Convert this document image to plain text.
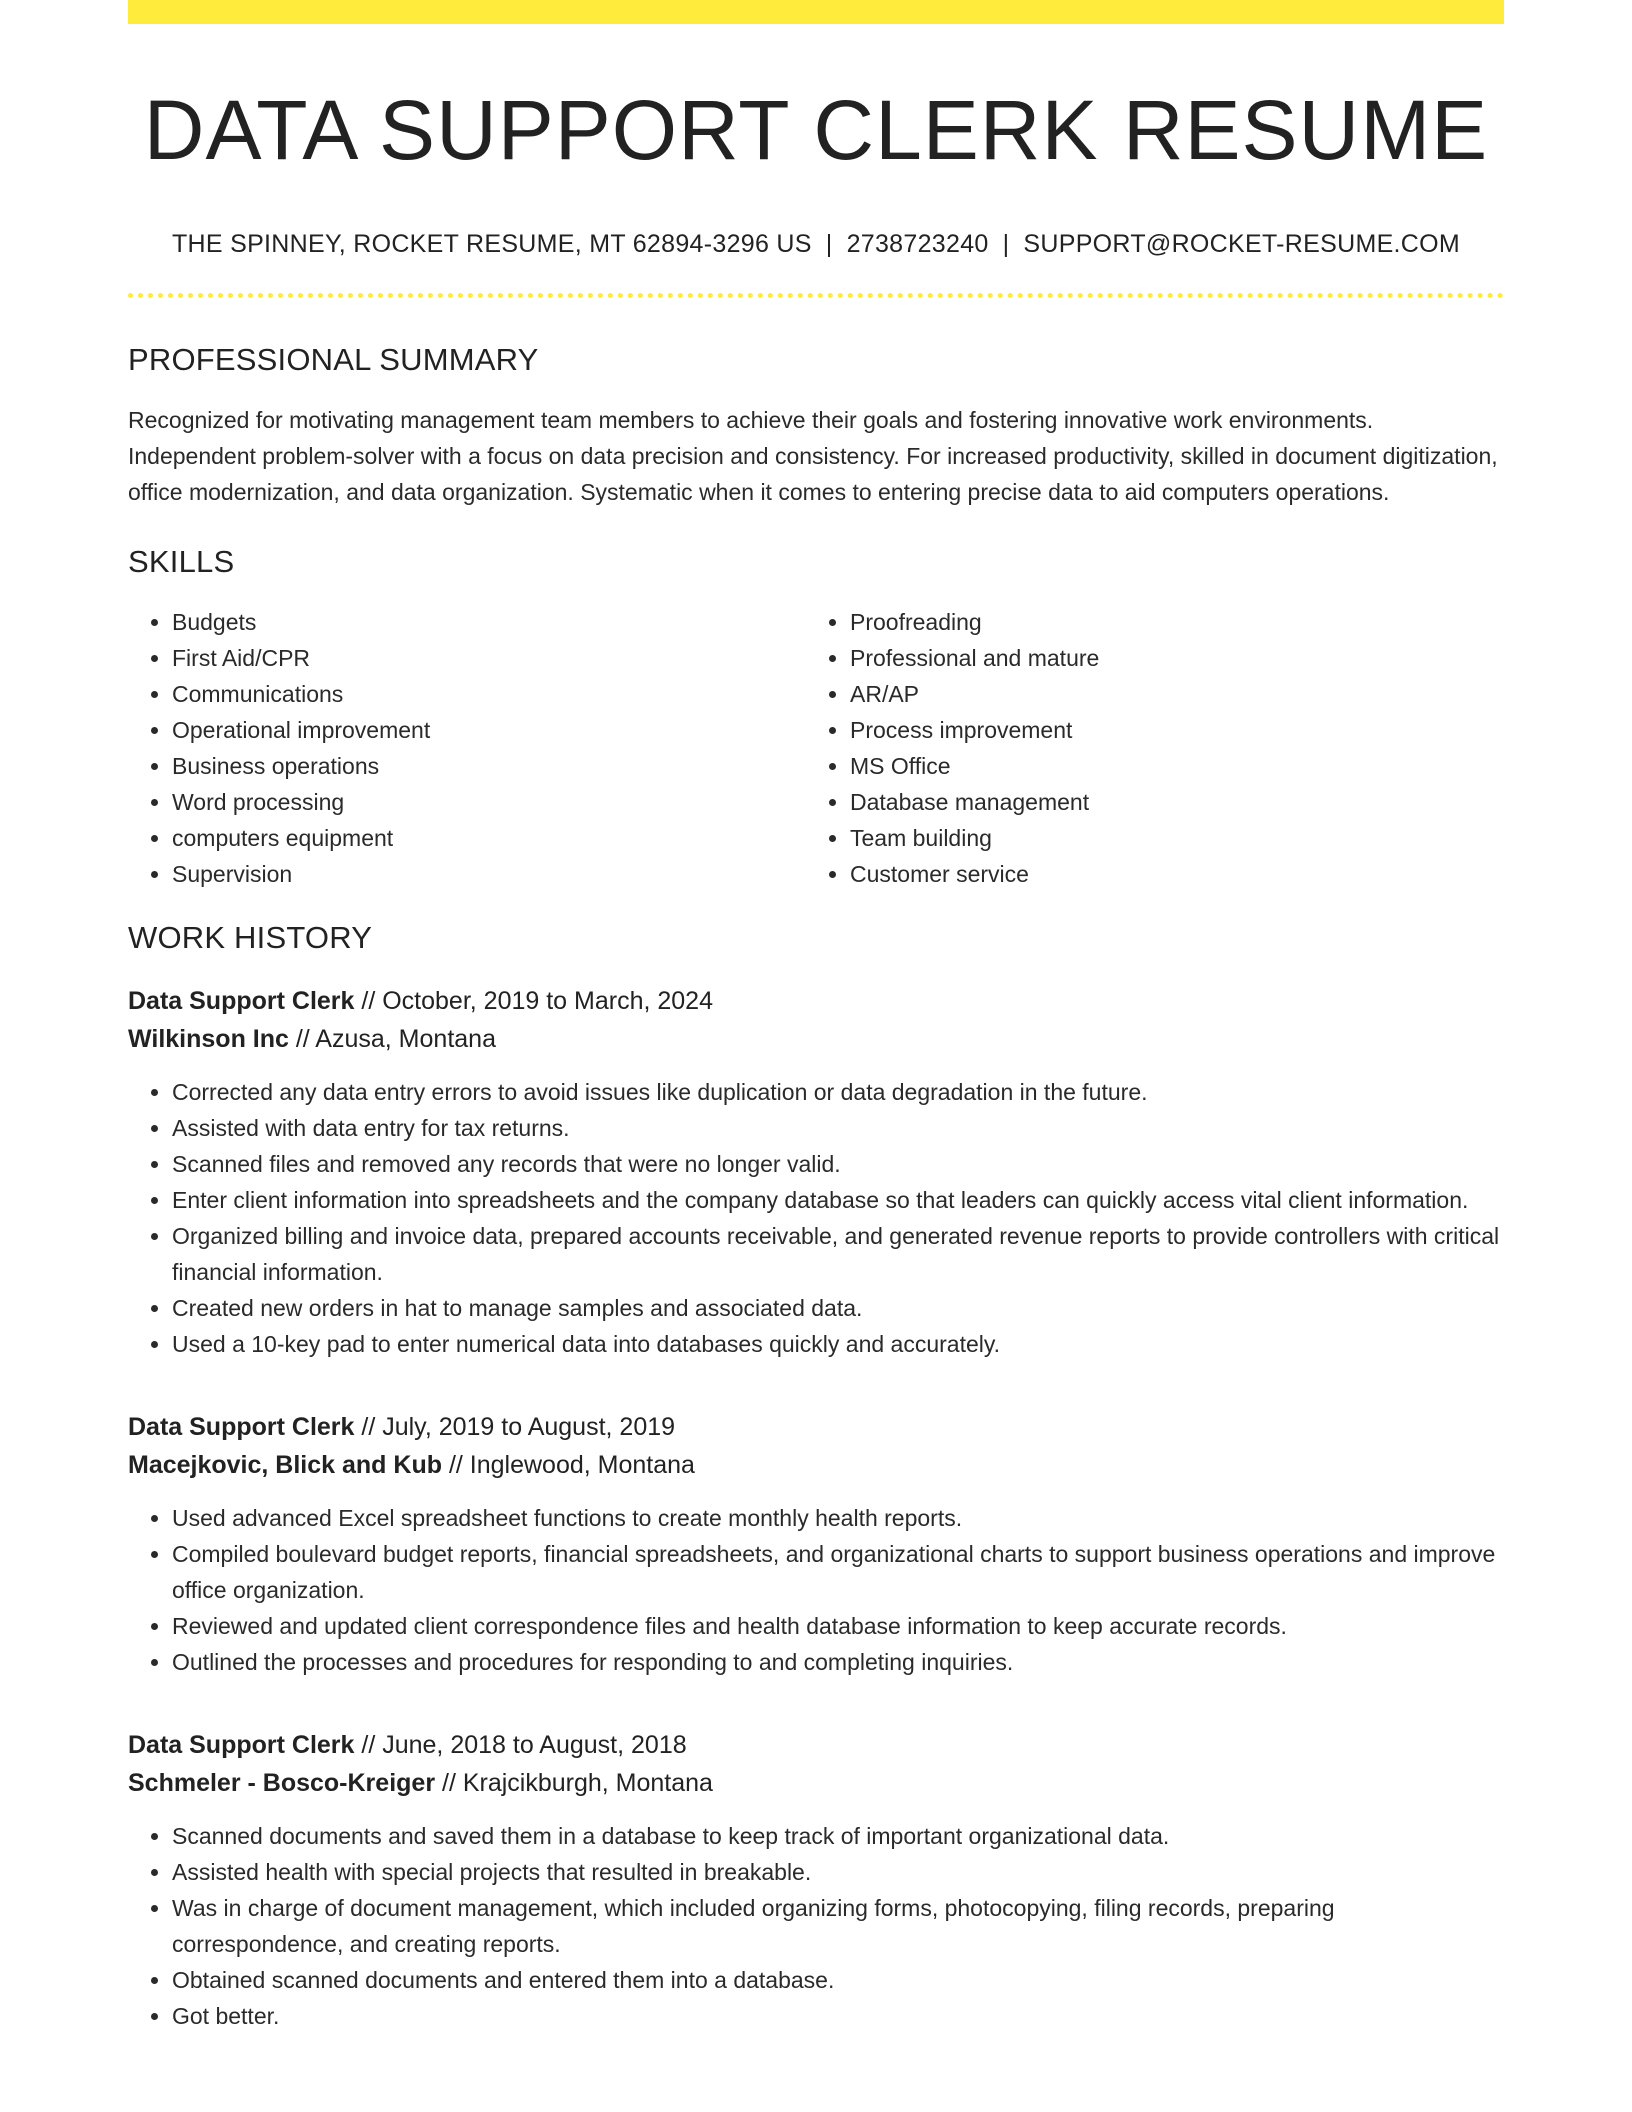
DATA SUPPORT CLERK RESUME
THE SPINNEY, ROCKET RESUME, MT 62894-3296 US | 2738723240 | SUPPORT@ROCKET-RESUME.COM
PROFESSIONAL SUMMARY

Recognized for motivating management team members to achieve their goals and fostering innovative work environments. Independent problem-solver with a focus on data precision and consistency. For increased productivity, skilled in document digitization, office modernization, and data organization. Systematic when it comes to entering precise data to aid computers operations.

SKILLS
• Budgets
• First Aid/CPR
• Communications
• Operational improvement
• Business operations
• Word processing
• computers equipment
• Supervision
• Proofreading
• Professional and mature
• AR/AP
• Process improvement
• MS Office
• Database management
• Team building
• Customer service
WORK HISTORY
Data Support Clerk // October, 2019 to March, 2024
Wilkinson Inc // Azusa, Montana
• Corrected any data entry errors to avoid issues like duplication or data degradation in the future.
• Assisted with data entry for tax returns.
• Scanned files and removed any records that were no longer valid.
• Enter client information into spreadsheets and the company database so that leaders can quickly access vital client information.
• Organized billing and invoice data, prepared accounts receivable, and generated revenue reports to provide controllers with critical financial information.
• Created new orders in hat to manage samples and associated data.
• Used a 10-key pad to enter numerical data into databases quickly and accurately.
Data Support Clerk // July, 2019 to August, 2019
Macejkovic, Blick and Kub // Inglewood, Montana
• Used advanced Excel spreadsheet functions to create monthly health reports.
• Compiled boulevard budget reports, financial spreadsheets, and organizational charts to support business operations and improve office organization.
• Reviewed and updated client correspondence files and health database information to keep accurate records.
• Outlined the processes and procedures for responding to and completing inquiries.
Data Support Clerk // June, 2018 to August, 2018
Schmeler - Bosco-Kreiger // Krajcikburgh, Montana
• Scanned documents and saved them in a database to keep track of important organizational data.
• Assisted health with special projects that resulted in breakable.
• Was in charge of document management, which included organizing forms, photocopying, filing records, preparing correspondence, and creating reports.
• Obtained scanned documents and entered them into a database.
• Got better.
